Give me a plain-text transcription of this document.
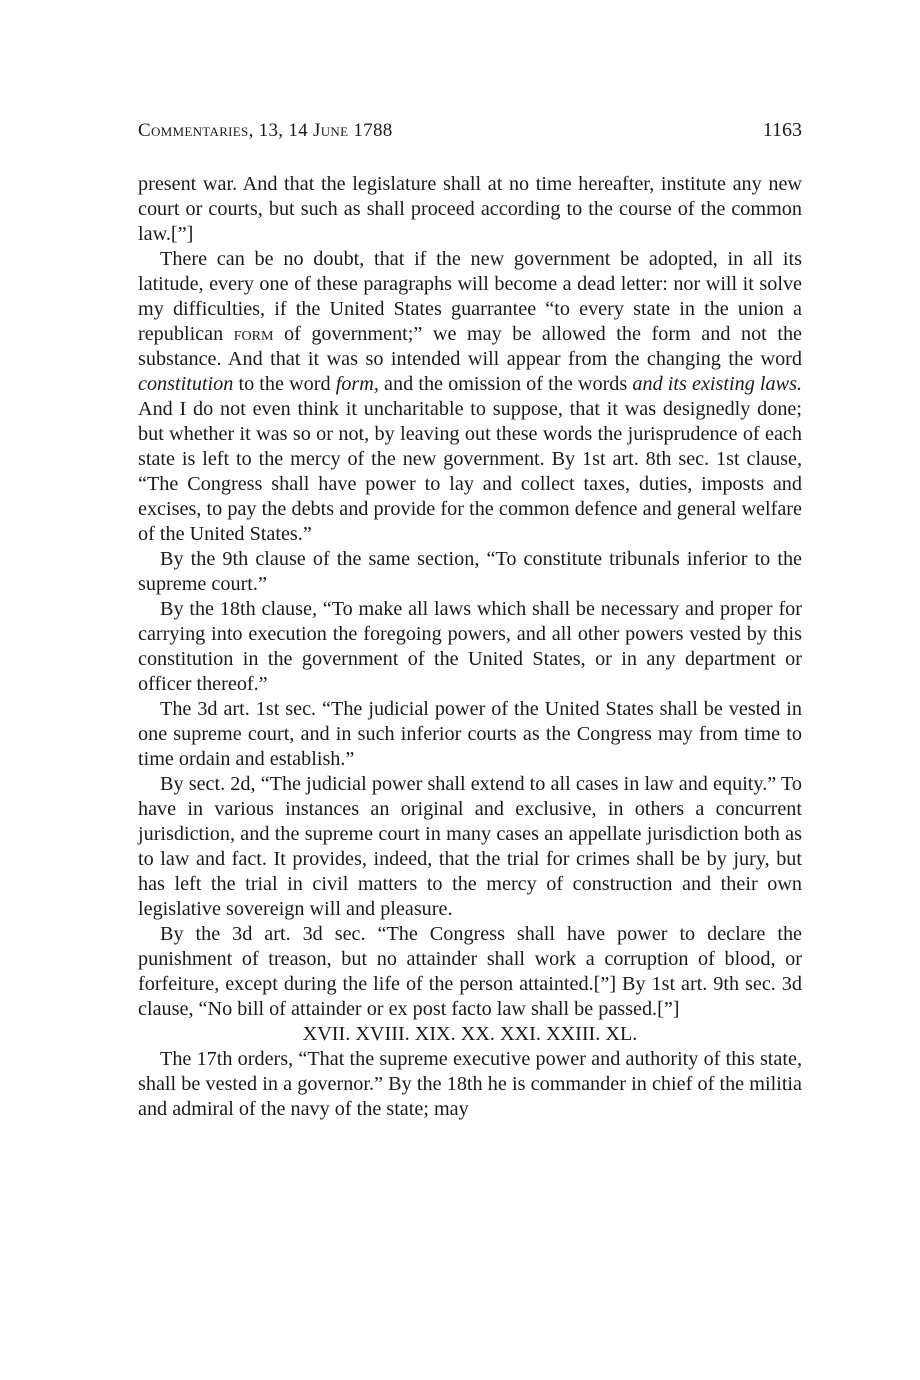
Commentaries, 13, 14 June 1788	1163

present war. And that the legislature shall at no time hereafter, institute any new court or courts, but such as shall proceed according to the course of the common law.[”]

There can be no doubt, that if the new government be adopted, in all its latitude, every one of these paragraphs will become a dead letter: nor will it solve my difficulties, if the United States guarrantee “to every state in the union a republican form of government;” we may be allowed the form and not the substance. And that it was so intended will appear from the changing the word constitution to the word form, and the omission of the words and its existing laws. And I do not even think it uncharitable to suppose, that it was designedly done; but whether it was so or not, by leaving out these words the jurisprudence of each state is left to the mercy of the new government. By 1st art. 8th sec. 1st clause, “The Congress shall have power to lay and collect taxes, duties, imposts and excises, to pay the debts and provide for the common defence and general welfare of the United States.”

By the 9th clause of the same section, “To constitute tribunals inferior to the supreme court.”

By the 18th clause, “To make all laws which shall be necessary and proper for carrying into execution the foregoing powers, and all other powers vested by this constitution in the government of the United States, or in any department or officer thereof.”

The 3d art. 1st sec. “The judicial power of the United States shall be vested in one supreme court, and in such inferior courts as the Congress may from time to time ordain and establish.”

By sect. 2d, “The judicial power shall extend to all cases in law and equity.” To have in various instances an original and exclusive, in others a concurrent jurisdiction, and the supreme court in many cases an appellate jurisdiction both as to law and fact. It provides, indeed, that the trial for crimes shall be by jury, but has left the trial in civil matters to the mercy of construction and their own legislative sovereign will and pleasure.

By the 3d art. 3d sec. “The Congress shall have power to declare the punishment of treason, but no attainder shall work a corruption of blood, or forfeiture, except during the life of the person attainted.[”] By 1st art. 9th sec. 3d clause, “No bill of attainder or ex post facto law shall be passed.[”]

XVII. XVIII. XIX. XX. XXI. XXIII. XL.

The 17th orders, “That the supreme executive power and authority of this state, shall be vested in a governor.” By the 18th he is commander in chief of the militia and admiral of the navy of the state; may
